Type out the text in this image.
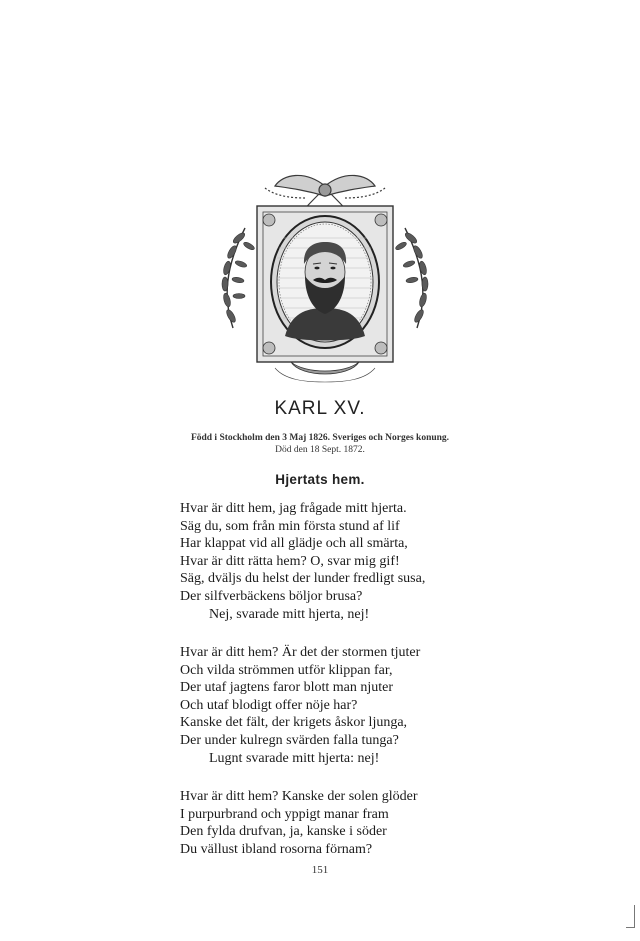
KARL XV.
Född i Stockholm den 3 Maj 1826. Sveriges och Norges konung.
Död den 18 Sept. 1872.
Hjertats hem.
Hvar är ditt hem, jag frågade mitt hjerta.
Säg du, som från min första stund af lif
Har klappat vid all glädje och all smärta,
Hvar är ditt rätta hem? O, svar mig gif!
Säg, dväljs du helst der lunder fredligt susa,
Der silfverbäckens böljor brusa?
Nej, svarade mitt hjerta, nej!
Hvar är ditt hem? Är det der stormen tjuter
Och vilda strömmen utför klippan far,
Der utaf jagtens faror blott man njuter
Och utaf blodigt offer nöje har?
Kanske det fält, der krigets åskor ljunga,
Der under kulregn svärden falla tunga?
Lugnt svarade mitt hjerta: nej!
Hvar är ditt hem? Kanske der solen glöder
I purpurbrand och yppigt manar fram
Den fylda drufvan, ja, kanske i söder
Du vällust ibland rosorna förnam?
151
